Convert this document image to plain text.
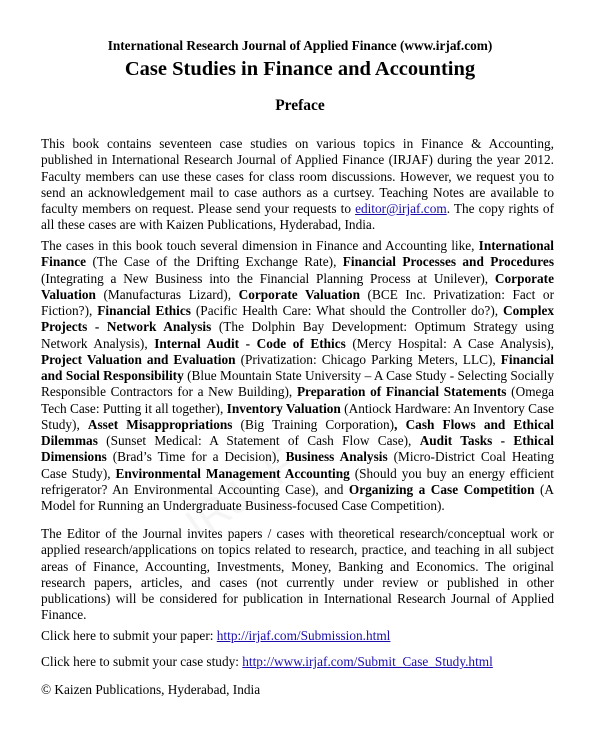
International Research Journal of Applied Finance (www.irjaf.com)
Case Studies in Finance and Accounting
Preface

This book contains seventeen case studies on various topics in Finance & Accounting, published in International Research Journal of Applied Finance (IRJAF) during the year 2012. Faculty members can use these cases for class room discussions. However, we request you to send an acknowledgement mail to case authors as a curtsey. Teaching Notes are available to faculty members on request. Please send your requests to editor@irjaf.com. The copy rights of all these cases are with Kaizen Publications, Hyderabad, India.

The cases in this book touch several dimension in Finance and Accounting like, International Finance (The Case of the Drifting Exchange Rate), Financial Processes and Procedures (Integrating a New Business into the Financial Planning Process at Unilever), Corporate Valuation (Manufacturas Lizard), Corporate Valuation (BCE Inc. Privatization: Fact or Fiction?), Financial Ethics (Pacific Health Care: What should the Controller do?), Complex Projects - Network Analysis (The Dolphin Bay Development: Optimum Strategy using Network Analysis), Internal Audit - Code of Ethics (Mercy Hospital: A Case Analysis), Project Valuation and Evaluation (Privatization: Chicago Parking Meters, LLC), Financial and Social Responsibility (Blue Mountain State University – A Case Study - Selecting Socially Responsible Contractors for a New Building), Preparation of Financial Statements (Omega Tech Case: Putting it all together), Inventory Valuation (Antiock Hardware: An Inventory Case Study), Asset Misappropriations (Big Training Corporation), Cash Flows and Ethical Dilemmas (Sunset Medical: A Statement of Cash Flow Case), Audit Tasks - Ethical Dimensions (Brad’s Time for a Decision), Business Analysis (Micro-District Coal Heating Case Study), Environmental Management Accounting (Should you buy an energy efficient refrigerator? An Environmental Accounting Case), and Organizing a Case Competition (A Model for Running an Undergraduate Business-focused Case Competition).

The Editor of the Journal invites papers / cases with theoretical research/conceptual work or applied research/applications on topics related to research, practice, and teaching in all subject areas of Finance, Accounting, Investments, Money, Banking and Economics. The original research papers, articles, and cases (not currently under review or published in other publications) will be considered for publication in International Research Journal of Applied Finance.

Click here to submit your paper: http://irjaf.com/Submission.html
Click here to submit your case study: http://www.irjaf.com/Submit_Case_Study.html
© Kaizen Publications, Hyderabad, India
